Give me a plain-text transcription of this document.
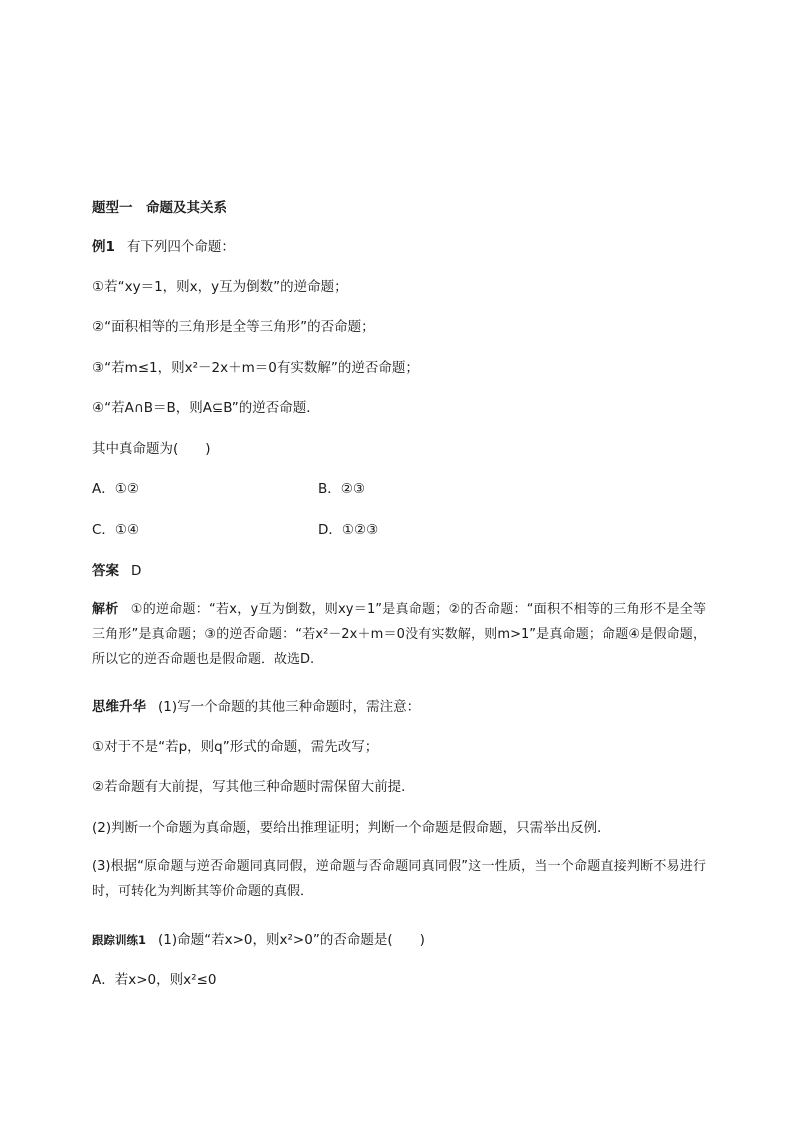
题型一　命题及其关系
例1 有下列四个命题：
①若“xy＝1，则x，y互为倒数”的逆命题；
②“面积相等的三角形是全等三角形”的否命题；
③“若m≤1，则x²－2x＋m＝0有实数解”的逆否命题；
④“若A∩B＝B，则A⊆B”的逆否命题．
其中真命题为(　　)
A．①②	B．②③
C．①④	D．①②③
答案 D
解析 ①的逆命题：“若x，y互为倒数，则xy＝1”是真命题；②的否命题：“面积不相等的三角形不是全等三角形”是真命题；③的逆否命题：“若x²－2x＋m＝0没有实数解，则m>1”是真命题；命题④是假命题，所以它的逆否命题也是假命题．故选D.
思维升华 (1)写一个命题的其他三种命题时，需注意：
①对于不是“若p，则q”形式的命题，需先改写；
②若命题有大前提，写其他三种命题时需保留大前提．
(2)判断一个命题为真命题，要给出推理证明；判断一个命题是假命题，只需举出反例．
(3)根据“原命题与逆否命题同真同假，逆命题与否命题同真同假”这一性质，当一个命题直接判断不易进行时，可转化为判断其等价命题的真假．
跟踪训练1 (1)命题“若x>0，则x²>0”的否命题是(　　)
A．若x>0，则x²≤0
